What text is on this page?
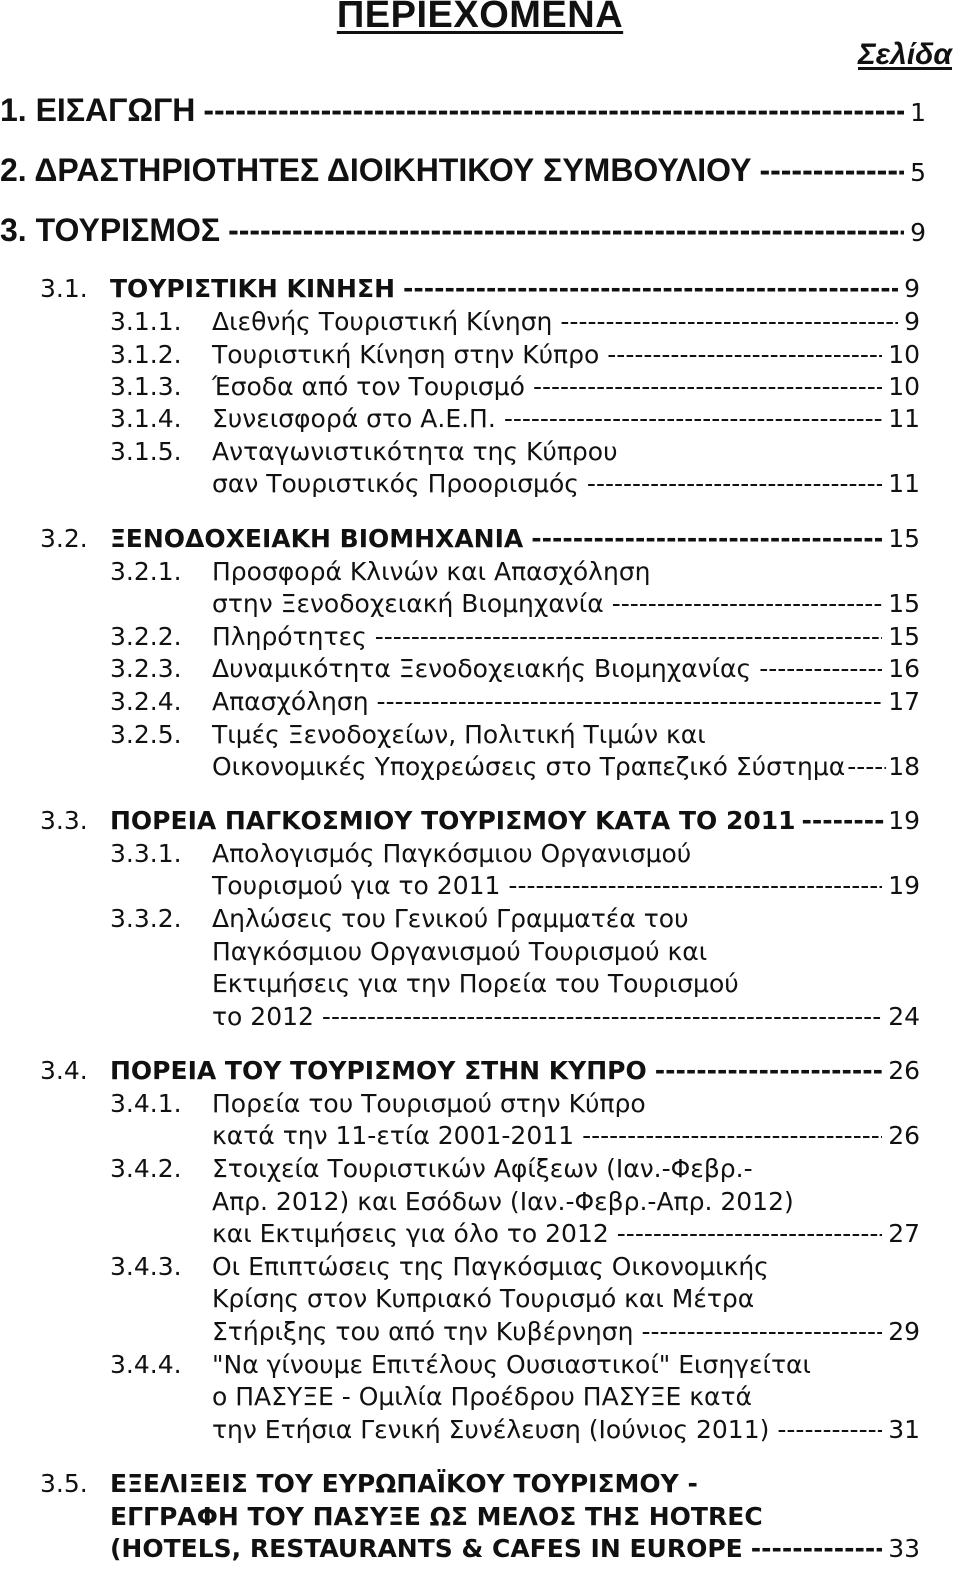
ΠΕΡΙΕΧΟΜΕΝΑ
Σελίδα
1. ΕΙΣΑΓΩΓΗ -----	1
2. ΔΡΑΣΤΗΡΙΟΤΗΤΕΣ ΔΙΟΙΚΗΤΙΚΟΥ ΣΥΜΒΟΥΛΙΟΥ -----	5
3. ΤΟΥΡΙΣΜΟΣ -----	9
3.1. ΤΟΥΡΙΣΤΙΚΗ ΚΙΝΗΣΗ -----	9
3.1.1. Διεθνής Τουριστική Κίνηση -----	9
3.1.2. Τουριστική Κίνηση στην Κύπρο -----	10
3.1.3. Έσοδα από τον Τουρισμό -----	10
3.1.4. Συνεισφορά στο Α.Ε.Π. -----	11
3.1.5. Ανταγωνιστικότητα της Κύπρου
σαν Τουριστικός Προορισμός -----	11
3.2. ΞΕΝΟΔΟΧΕΙΑΚΗ ΒΙΟΜΗΧΑΝΙΑ -----	15
3.2.1. Προσφορά Κλινών και Απασχόληση
στην Ξενοδοχειακή Βιομηχανία -----	15
3.2.2. Πληρότητες -----	15
3.2.3. Δυναμικότητα Ξενοδοχειακής Βιομηχανίας -----	16
3.2.4. Απασχόληση -----	17
3.2.5. Τιμές Ξενοδοχείων, Πολιτική Τιμών και
Οικονομικές Υποχρεώσεις στο Τραπεζικό Σύστημα ----- 18
3.3. ΠΟΡΕΙΑ ΠΑΓΚΟΣΜΙΟΥ ΤΟΥΡΙΣΜΟΥ ΚΑΤΑ ΤΟ 2011 -----	19
3.3.1. Απολογισμός Παγκόσμιου Οργανισμού
Τουρισμού για το 2011 -----	19
3.3.2. Δηλώσεις του Γενικού Γραμματέα του
Παγκόσμιου Οργανισμού Τουρισμού και
Εκτιμήσεις για την Πορεία του Τουρισμού
το 2012 -----	24
3.4. ΠΟΡΕΙΑ ΤΟΥ ΤΟΥΡΙΣΜΟΥ ΣΤΗΝ ΚΥΠΡΟ -----	26
3.4.1. Πορεία του Τουρισμού στην Κύπρο
κατά την 11-ετία 2001-2011 -----	26
3.4.2. Στοιχεία Τουριστικών Αφίξεων (Ιαν.-Φεβρ.-
Απρ. 2012) και Εσόδων (Ιαν.-Φεβρ.-Απρ. 2012)
και Εκτιμήσεις για όλο το 2012 -----	27
3.4.3. Οι Επιπτώσεις της Παγκόσμιας Οικονομικής
Κρίσης στον Κυπριακό Τουρισμό και Μέτρα
Στήριξης του από την Κυβέρνηση -----	29
3.4.4. "Να γίνουμε Επιτέλους Ουσιαστικοί" Εισηγείται
ο ΠΑΣΥΞΕ - Ομιλία Προέδρου ΠΑΣΥΞΕ κατά
την Ετήσια Γενική Συνέλευση (Ιούνιος 2011) -----	31
3.5. ΕΞΕΛΙΞΕΙΣ ΤΟΥ ΕΥΡΩΠΑΪΚΟΥ ΤΟΥΡΙΣΜΟΥ -
ΕΓΓΡΑΦΗ ΤΟΥ ΠΑΣΥΞΕ ΩΣ ΜΕΛΟΣ ΤΗΣ HOTREC
(HOTELS, RESTAURANTS & CAFES IN EUROPE -----	33
